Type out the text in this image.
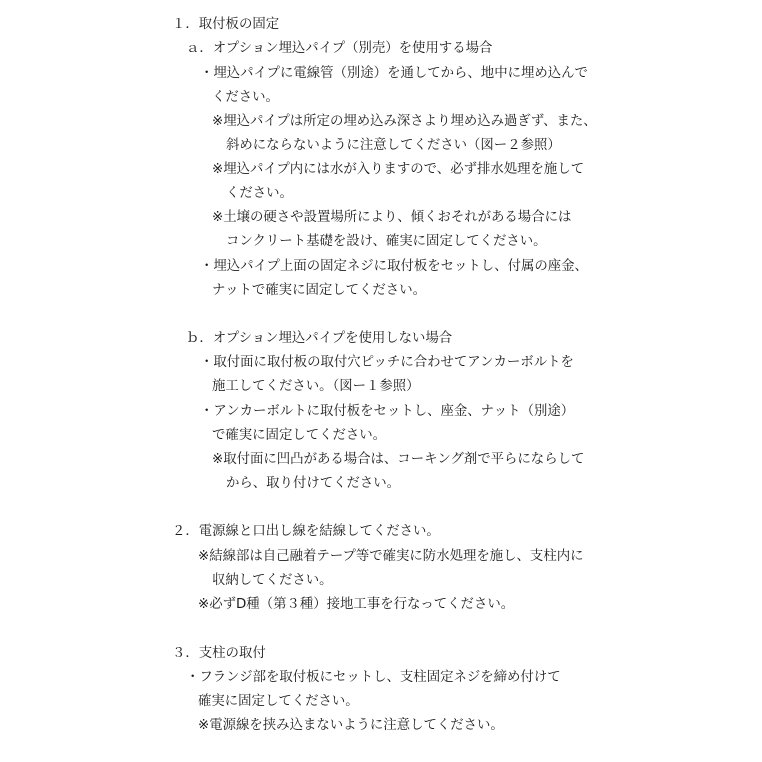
１．取付板の固定

ａ．オプション埋込パイプ（別売）を使用する場合

・埋込パイプに電線管（別途）を通してから、地中に埋め込んで

ください。

※埋込パイプは所定の埋め込み深さより埋め込み過ぎず、また、

斜めにならないように注意してください（図ー２参照）

※埋込パイプ内には水が入りますので、必ず排水処理を施して

ください。

※土壌の硬さや設置場所により、傾くおそれがある場合には

コンクリート基礎を設け、確実に固定してください。

・埋込パイプ上面の固定ネジに取付板をセットし、付属の座金、

ナットで確実に固定してください。

ｂ．オプション埋込パイプを使用しない場合

・取付面に取付板の取付穴ピッチに合わせてアンカーボルトを

施工してください。（図ー１参照）

・アンカーボルトに取付板をセットし、座金、ナット（別途）

で確実に固定してください。

※取付面に凹凸がある場合は、コーキング剤で平らにならして

から、取り付けてください。

２．電源線と口出し線を結線してください。

※結線部は自己融着テープ等で確実に防水処理を施し、支柱内に

収納してください。

※必ずD種（第３種）接地工事を行なってください。

３．支柱の取付

・フランジ部を取付板にセットし、支柱固定ネジを締め付けて

確実に固定してください。

※電源線を挟み込まないように注意してください。
